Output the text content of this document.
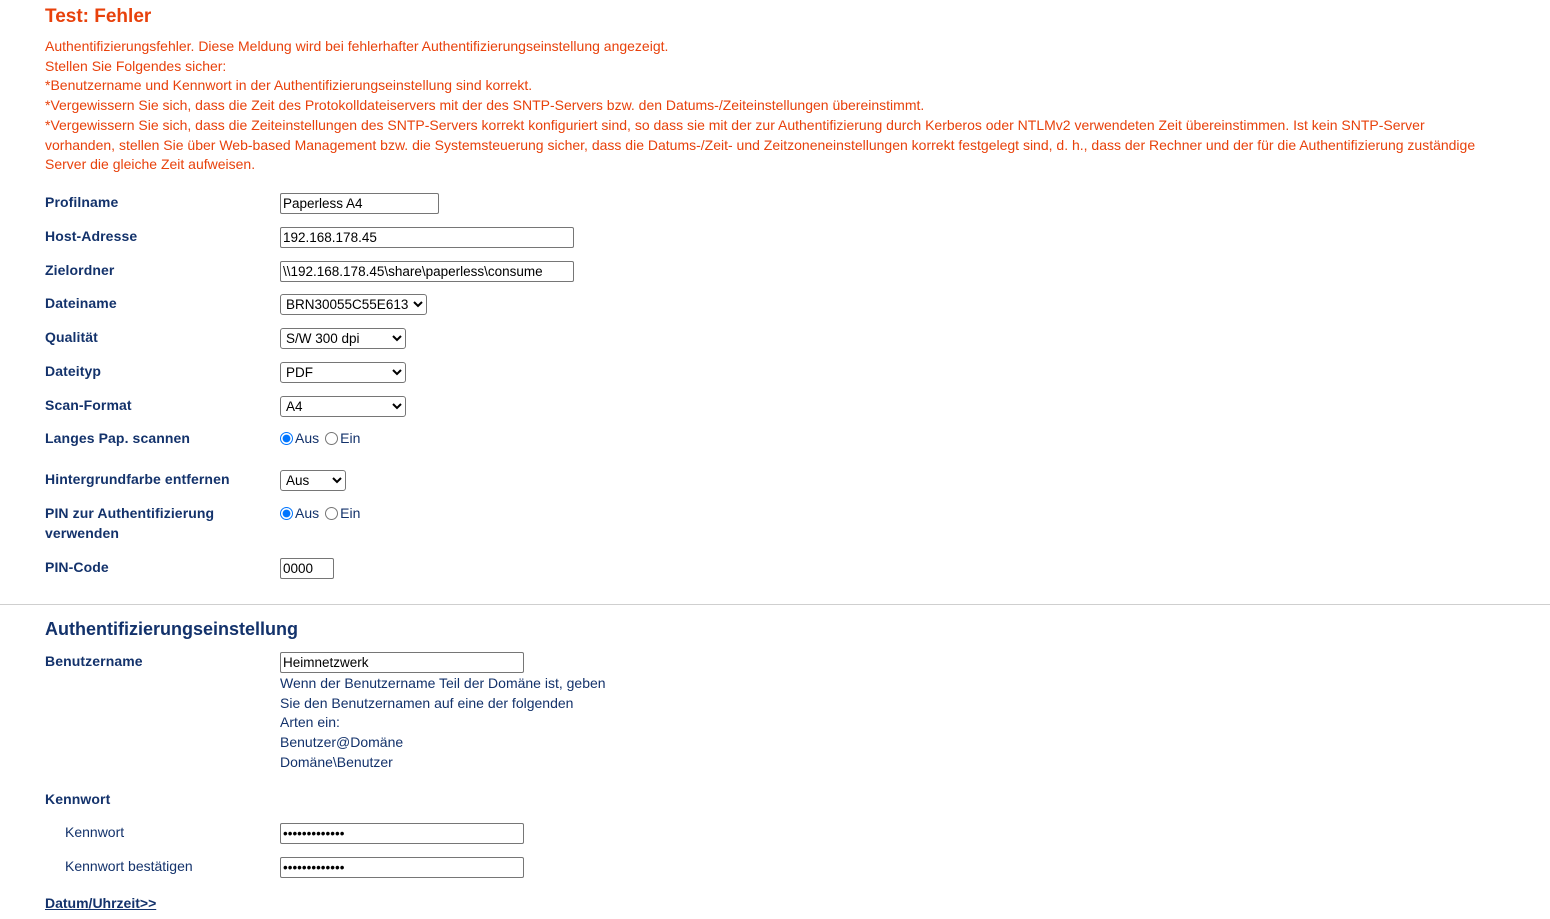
Test: Fehler
Authentifizierungsfehler. Diese Meldung wird bei fehlerhafter Authentifizierungseinstellung angezeigt.
Stellen Sie Folgendes sicher:
*Benutzername und Kennwort in der Authentifizierungseinstellung sind korrekt.
*Vergewissern Sie sich, dass die Zeit des Protokolldateiservers mit der des SNTP-Servers bzw. den Datums-/Zeiteinstellungen übereinstimmt.
*Vergewissern Sie sich, dass die Zeiteinstellungen des SNTP-Servers korrekt konfiguriert sind, so dass sie mit der zur Authentifizierung durch Kerberos oder NTLMv2 verwendeten Zeit übereinstimmen. Ist kein SNTP-Server vorhanden, stellen Sie über Web-based Management bzw. die Systemsteuerung sicher, dass die Datums-/Zeit- und Zeitzoneneinstellungen korrekt festgelegt sind, d. h., dass der Rechner und der für die Authentifizierung zuständige Server die gleiche Zeit aufweisen.
Profilname
Paperless A4
Host-Adresse
192.168.178.45
Zielordner
\\192.168.178.45\share\paperless\consume
Dateiname
BRN30055C55E613
Qualität
S/W 300 dpi
Dateityp
PDF
Scan-Format
A4
Langes Pap. scannen	Aus Ein
Hintergrundfarbe entfernen
Aus
PIN zur Authentifizierung
verwenden
Aus Ein
PIN-Code
0000
Authentifizierungseinstellung
Benutzername
Heimnetzwerk
Wenn der Benutzername Teil der Domäne ist, geben
Sie den Benutzernamen auf eine der folgenden
Arten ein:
Benutzer@Domäne
Domäne\Benutzer
Kennwort
Kennwort
•••••••••••••
Kennwort bestätigen
•••••••••••••
Datum/Uhrzeit>>
